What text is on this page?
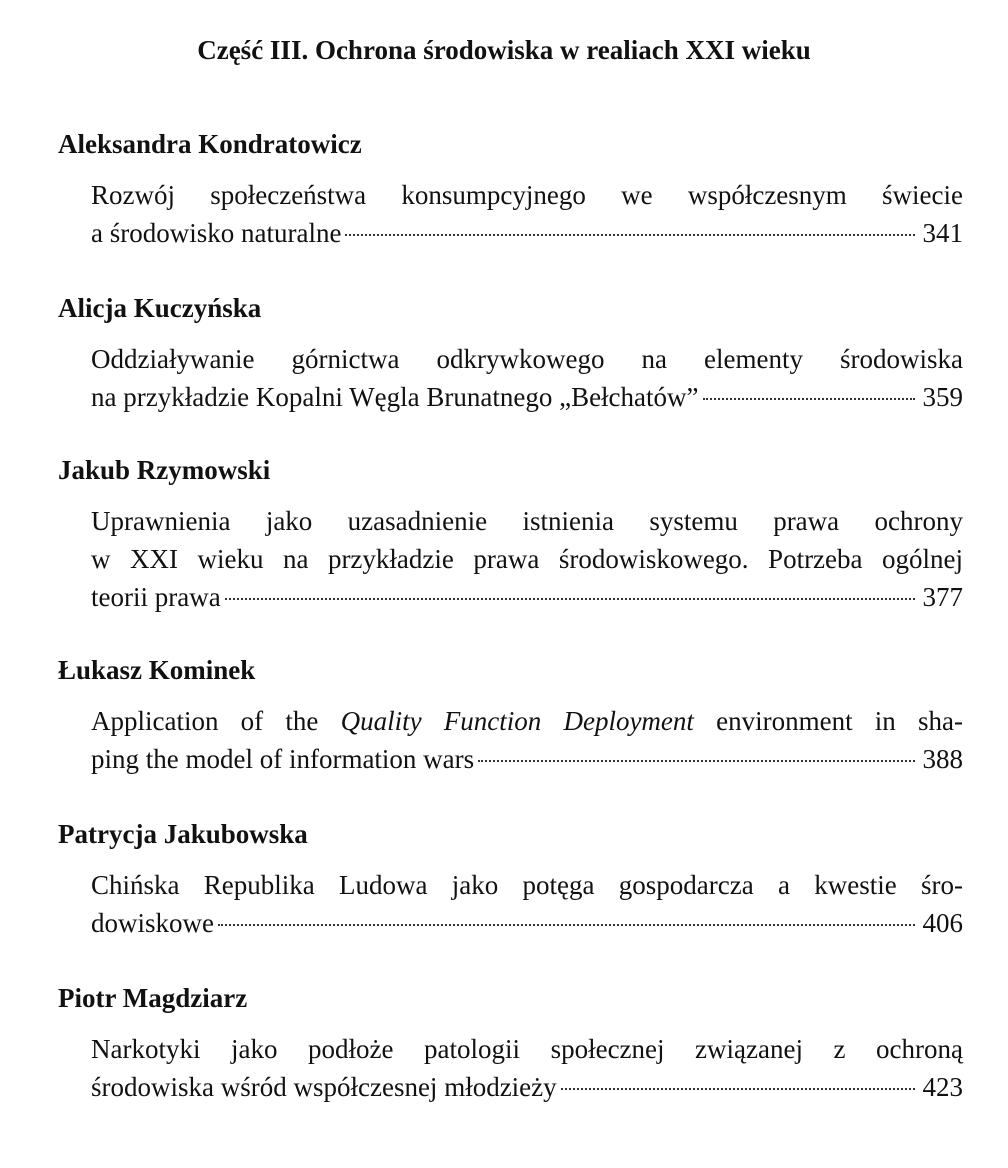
Część III. Ochrona środowiska w realiach XXI wieku
Aleksandra Kondratowicz
Rozwój społeczeństwa konsumpcyjnego we współczesnym świecie
a środowisko naturalne	341
Alicja Kuczyńska
Oddziaływanie górnictwa odkrywkowego na elementy środowiska
na przykładzie Kopalni Węgla Brunatnego „Bełchatów”	359
Jakub Rzymowski
Uprawnienia jako uzasadnienie istnienia systemu prawa ochrony
w XXI wieku na przykładzie prawa środowiskowego. Potrzeba ogólnej
teorii prawa	377
Łukasz Kominek
Application of the Quality Function Deployment environment in sha-
ping the model of information wars	388
Patrycja Jakubowska
Chińska Republika Ludowa jako potęga gospodarcza a kwestie śro-
dowiskowe	406
Piotr Magdziarz
Narkotyki jako podłoże patologii społecznej związanej z ochroną
środowiska wśród współczesnej młodzieży	423
